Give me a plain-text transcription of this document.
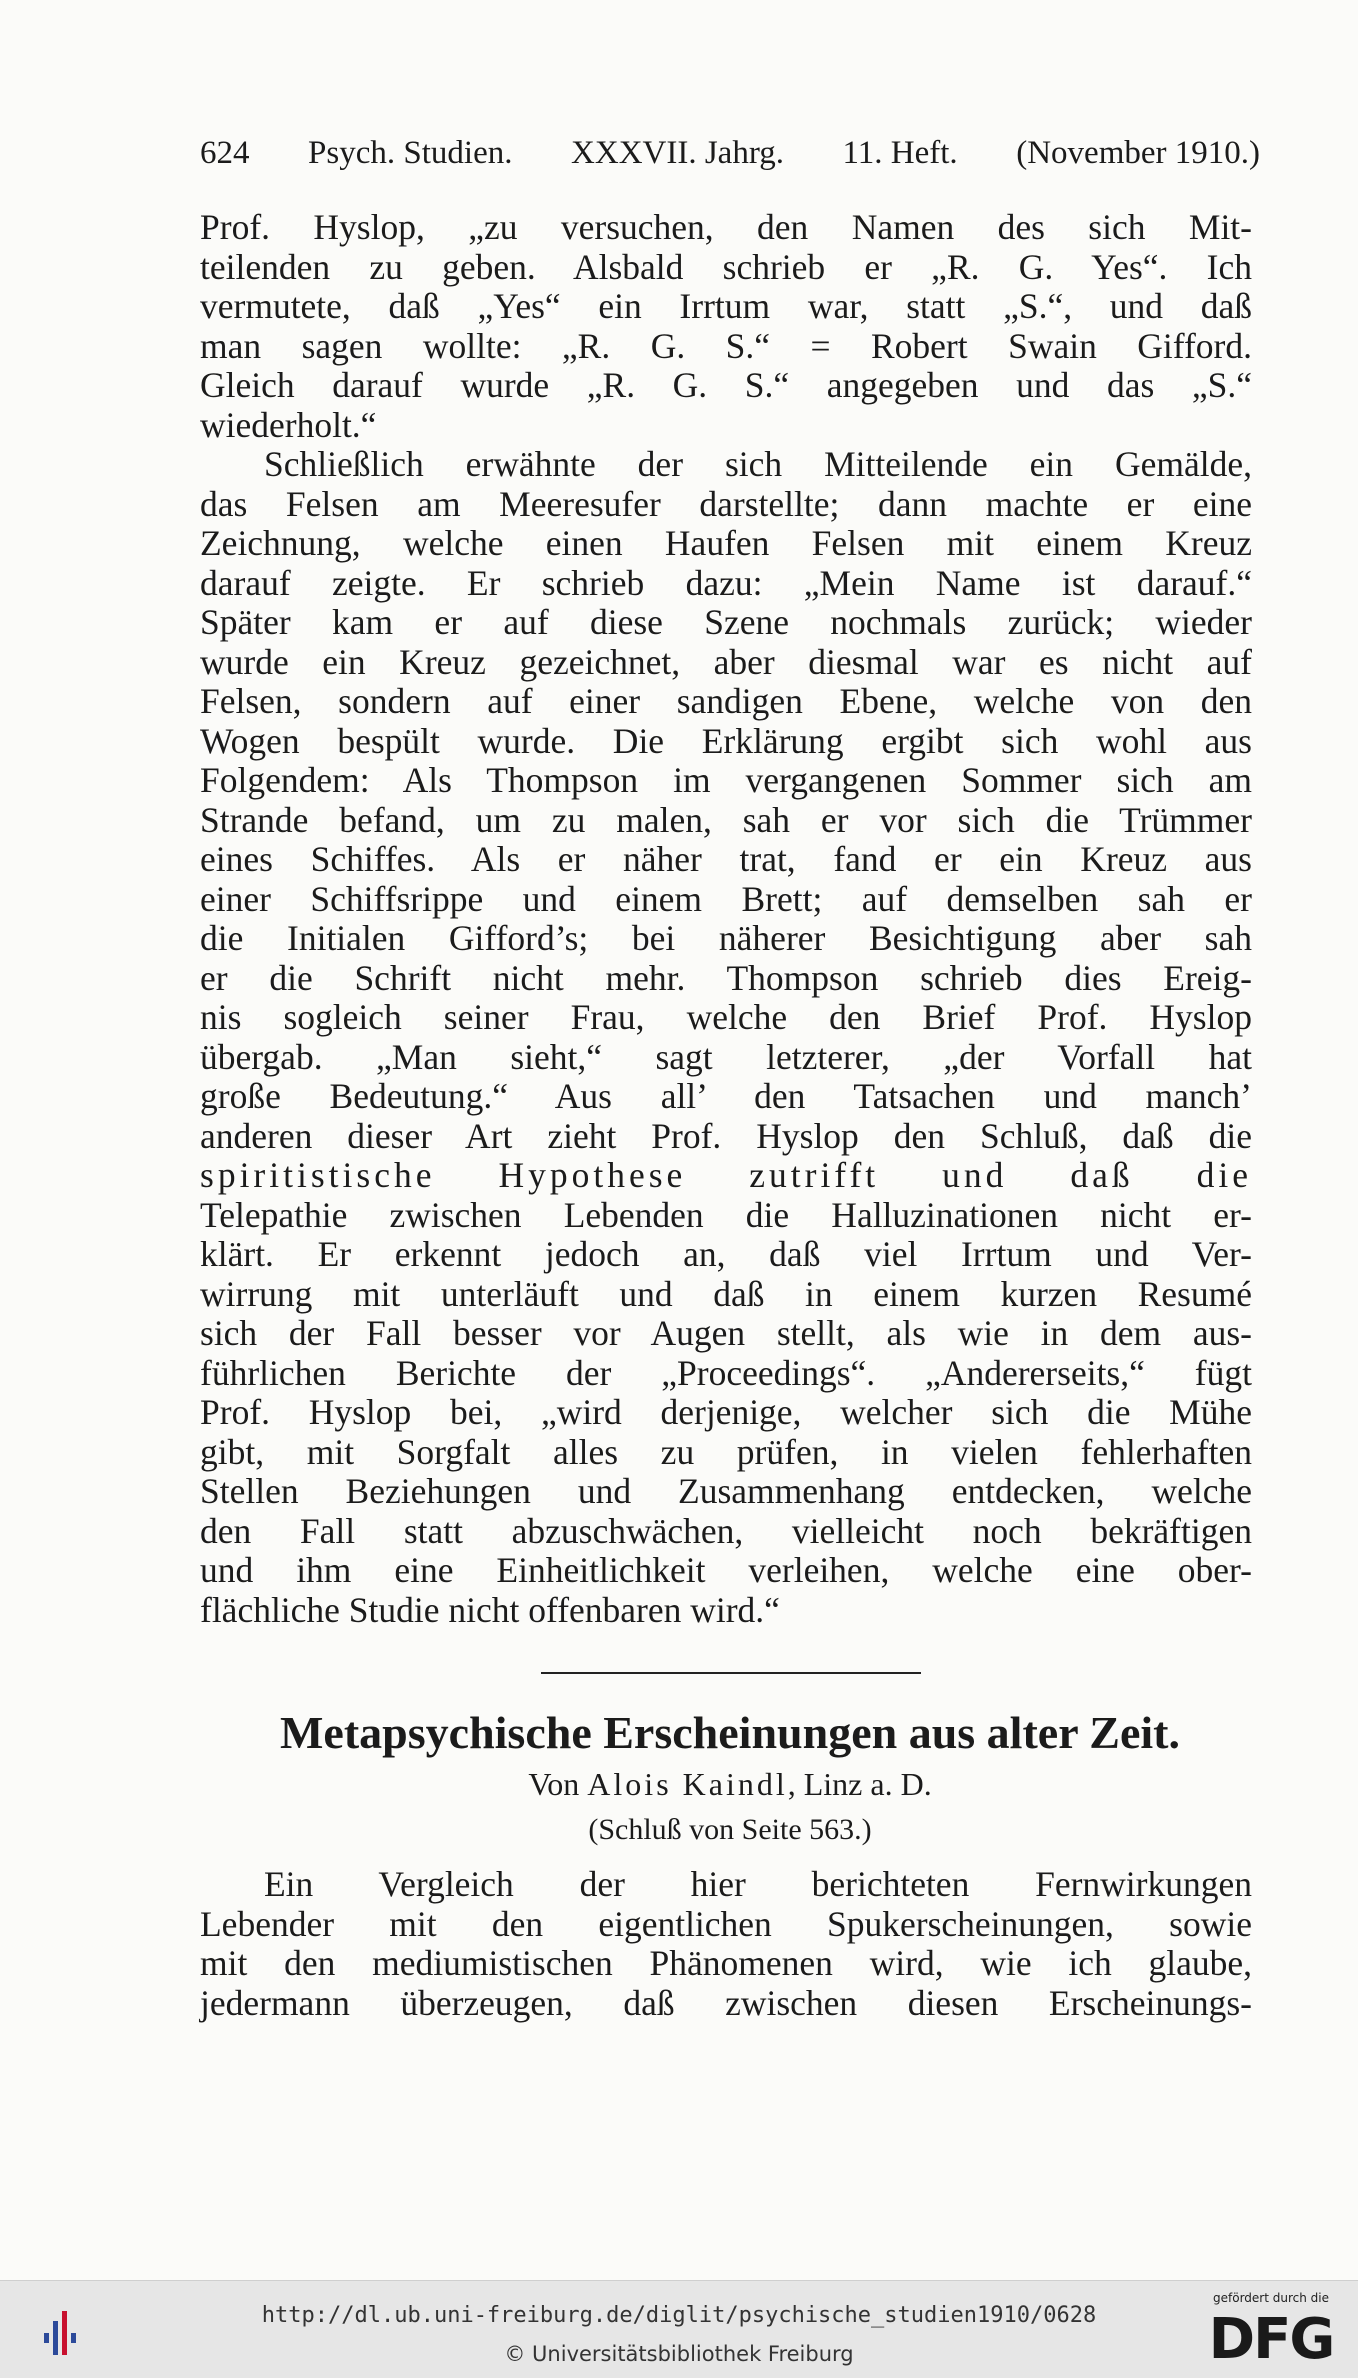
624 Psych. Studien. XXXVII. Jahrg. 11. Heft. (November 1910.)
Prof. Hyslop, „zu versuchen, den Namen des sich Mit-
teilenden zu geben. Alsbald schrieb er „R. G. Yes“. Ich
vermutete, daß „Yes“ ein Irrtum war, statt „S.“, und daß
man sagen wollte: „R. G. S.“ = Robert Swain Gifford.
Gleich darauf wurde „R. G. S.“ angegeben und das „S.“
wiederholt.“
Schließlich erwähnte der sich Mitteilende ein Gemälde,
das Felsen am Meeresufer darstellte; dann machte er eine
Zeichnung, welche einen Haufen Felsen mit einem Kreuz
darauf zeigte. Er schrieb dazu: „Mein Name ist darauf.“
Später kam er auf diese Szene nochmals zurück; wieder
wurde ein Kreuz gezeichnet, aber diesmal war es nicht auf
Felsen, sondern auf einer sandigen Ebene, welche von den
Wogen bespült wurde. Die Erklärung ergibt sich wohl aus
Folgendem: Als Thompson im vergangenen Sommer sich am
Strande befand, um zu malen, sah er vor sich die Trümmer
eines Schiffes. Als er näher trat, fand er ein Kreuz aus
einer Schiffsrippe und einem Brett; auf demselben sah er
die Initialen Gifford’s; bei näherer Besichtigung aber sah
er die Schrift nicht mehr. Thompson schrieb dies Ereig-
nis sogleich seiner Frau, welche den Brief Prof. Hyslop
übergab. „Man sieht,“ sagt letzterer, „der Vorfall hat
große Bedeutung.“ Aus all’ den Tatsachen und manch’
anderen dieser Art zieht Prof. Hyslop den Schluß, daß die
spiritistische Hypothese zutrifft und daß die
Telepathie zwischen Lebenden die Halluzinationen nicht er-
klärt. Er erkennt jedoch an, daß viel Irrtum und Ver-
wirrung mit unterläuft und daß in einem kurzen Resumé
sich der Fall besser vor Augen stellt, als wie in dem aus-
führlichen Berichte der „Proceedings“. „Andererseits,“ fügt
Prof. Hyslop bei, „wird derjenige, welcher sich die Mühe
gibt, mit Sorgfalt alles zu prüfen, in vielen fehlerhaften
Stellen Beziehungen und Zusammenhang entdecken, welche
den Fall statt abzuschwächen, vielleicht noch bekräftigen
und ihm eine Einheitlichkeit verleihen, welche eine ober-
flächliche Studie nicht offenbaren wird.“
Metapsychische Erscheinungen aus alter Zeit.
Von Alois Kaindl, Linz a. D.
(Schluß von Seite 563.)
Ein Vergleich der hier berichteten Fernwirkungen
Lebender mit den eigentlichen Spukerscheinungen, sowie
mit den mediumistischen Phänomenen wird, wie ich glaube,
jedermann überzeugen, daß zwischen diesen Erscheinungs-
http://dl.ub.uni-freiburg.de/diglit/psychische_studien1910/0628
© Universitätsbibliothek Freiburg
gefördert durch die
DFG
